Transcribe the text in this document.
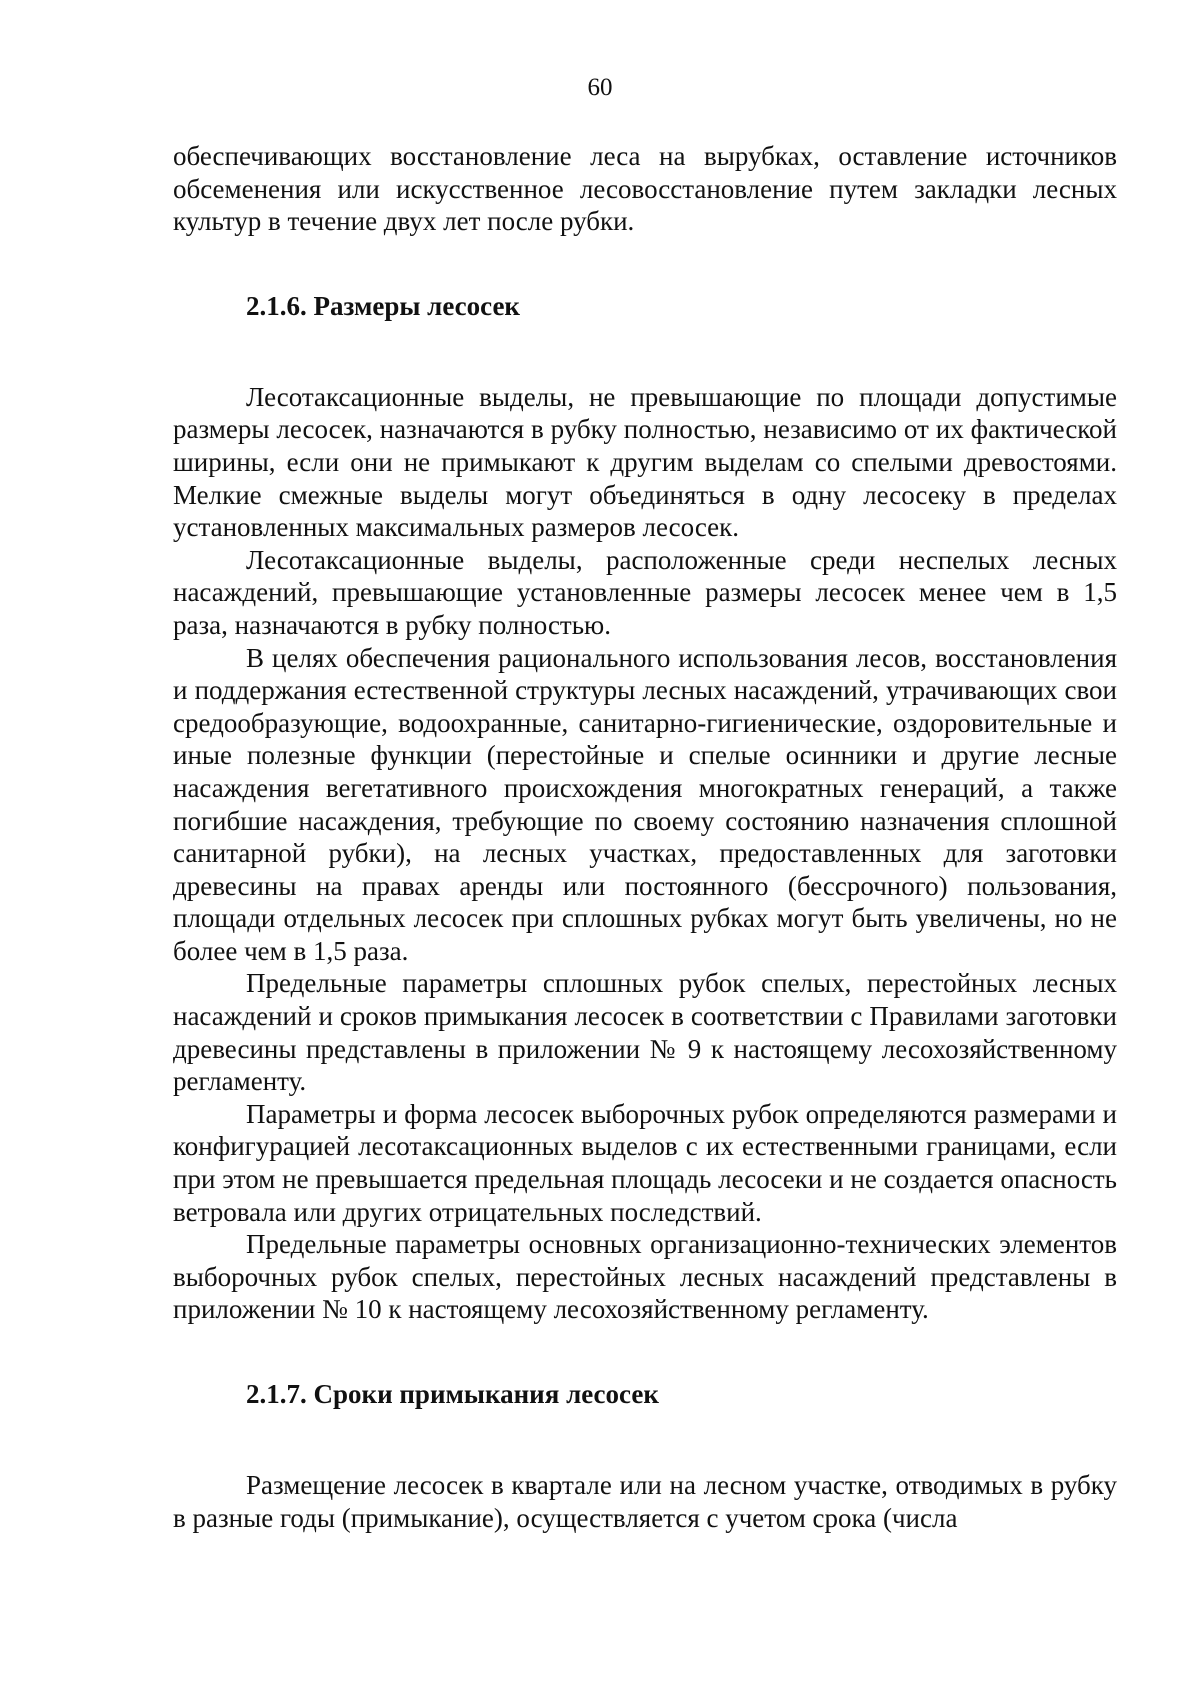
60

обеспечивающих восстановление леса на вырубках, оставление источников обсеменения или искусственное лесовосстановление путем закладки лесных культур в течение двух лет после рубки.

2.1.6. Размеры лесосек

Лесотаксационные выделы, не превышающие по площади допустимые размеры лесосек, назначаются в рубку полностью, независимо от их фактической ширины, если они не примыкают к другим выделам со спелыми древостоями. Мелкие смежные выделы могут объединяться в одну лесосеку в пределах установленных максимальных размеров лесосек.

Лесотаксационные выделы, расположенные среди неспелых лесных насаждений, превышающие установленные размеры лесосек менее чем в 1,5 раза, назначаются в рубку полностью.

В целях обеспечения рационального использования лесов, восстановления и поддержания естественной структуры лесных насаждений, утрачивающих свои средообразующие, водоохранные, санитарно-гигиенические, оздоровительные и иные полезные функции (перестойные и спелые осинники и другие лесные насаждения вегетативного происхождения многократных генераций, а также погибшие насаждения, требующие по своему состоянию назначения сплошной санитарной рубки), на лесных участках, предоставленных для заготовки древесины на правах аренды или постоянного (бессрочного) пользования, площади отдельных лесосек при сплошных рубках могут быть увеличены, но не более чем в 1,5 раза.

Предельные параметры сплошных рубок спелых, перестойных лесных насаждений и сроков примыкания лесосек в соответствии с Правилами заготовки древесины представлены в приложении № 9 к настоящему лесохозяйственному регламенту.

Параметры и форма лесосек выборочных рубок определяются размерами и конфигурацией лесотаксационных выделов с их естественными границами, если при этом не превышается предельная площадь лесосеки и не создается опасность ветровала или других отрицательных последствий.

Предельные параметры основных организационно-технических элементов выборочных рубок спелых, перестойных лесных насаждений представлены в приложении № 10 к настоящему лесохозяйственному регламенту.

2.1.7. Сроки примыкания лесосек

Размещение лесосек в квартале или на лесном участке, отводимых в рубку в разные годы (примыкание), осуществляется с учетом срока (числа
